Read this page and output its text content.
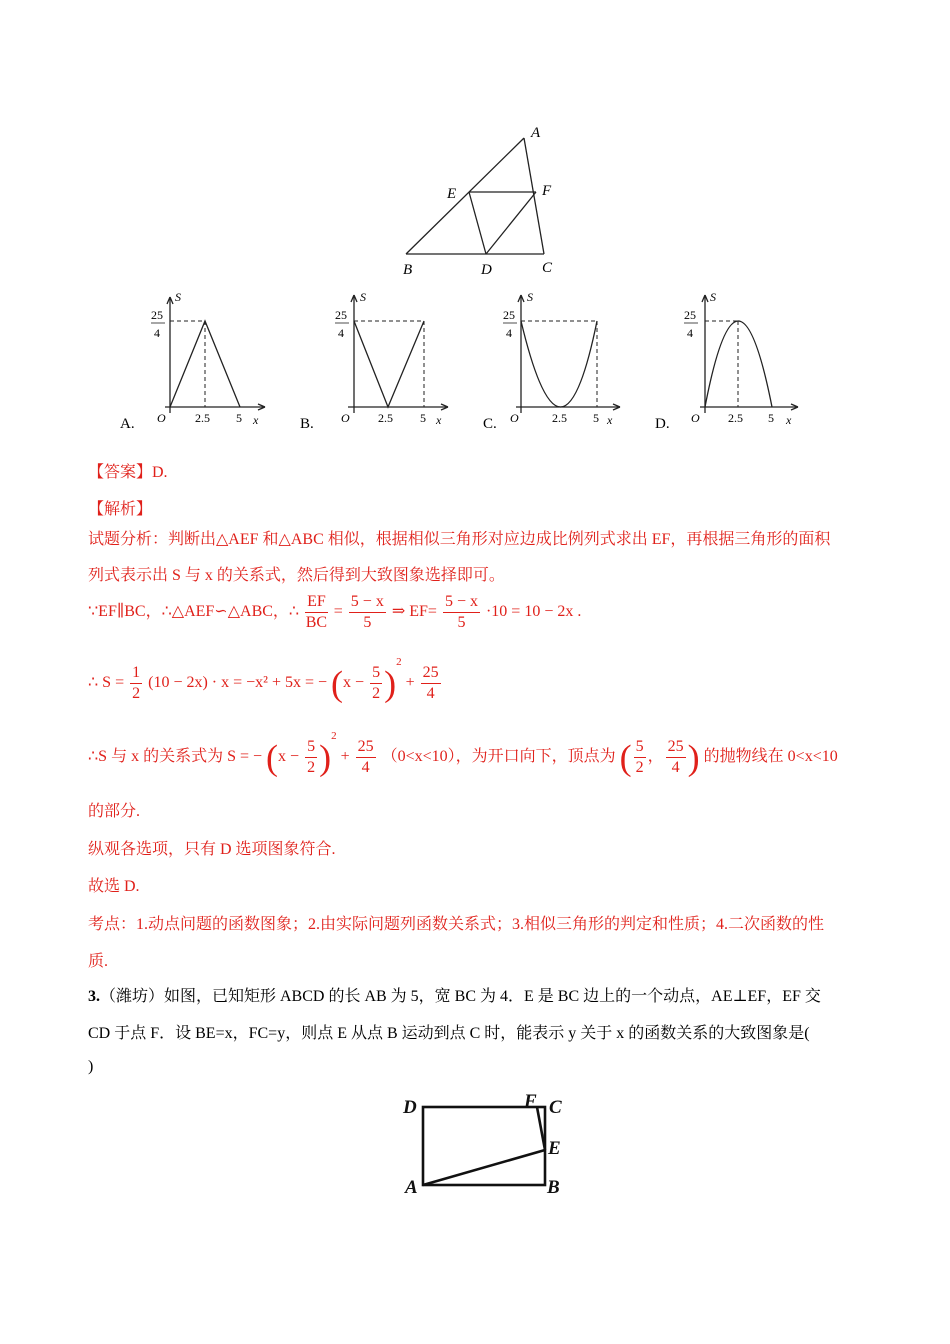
A
E	F
B	D	C
S
25
4
O 2.5 5 x
A.
S
25
4
O 2.5 5 x
B.
S
25
4
O	2.5 5 x
C.
S
25
4
O 2.5 5 x
D.
【答案】D.
【解析】
试题分析：判断出△AEF 和△ABC 相似，根据相似三角形对应边成比例列式求出 EF，再根据三角形的面积
列式表示出 S 与 x 的关系式，然后得到大致图象选择即可。
∵EF∥BC，∴△AEF∽△ABC，∴ $\frac{EF}{BC} = \frac{5 - x}{5}$ ⇒ $EF= \frac{5 - x}{5} \cdot 10 = 10 - 2x$ .
∴ $S = \frac{1}{2} (10 - 2x) \cdot x = -x^2 + 5x$ = − $(x - \frac{5}{2} )^2 + \frac{25}{4}$
∴S 与 x 的关系式为 S = − $(x - \frac{5}{2} )^2 + \frac{25}{4} (0<x<10)$，为开口向下，顶点为 ( $\frac{5}{2}$ ， $\frac{25}{4}$ ) 的抛物线在 0<x<10
的部分.
纵观各选项，只有 D 选项图象符合.
故选 D.
考点：1.动点问题的函数图象；2.由实际问题列函数关系式；3.相似三角形的判定和性质；4.二次函数的性
质.
3.（潍坊）如图，已知矩形 ABCD 的长 AB 为 5，宽 BC 为 4．E 是 BC 边上的一个动点，AE⊥EF，EF 交
CD 于点 F．设 BE=x，FC=y，则点 E 从点 B 运动到点 C 时，能表示 y 关于 x 的函数关系的大致图象是(
)
D	F C
E
A	B
